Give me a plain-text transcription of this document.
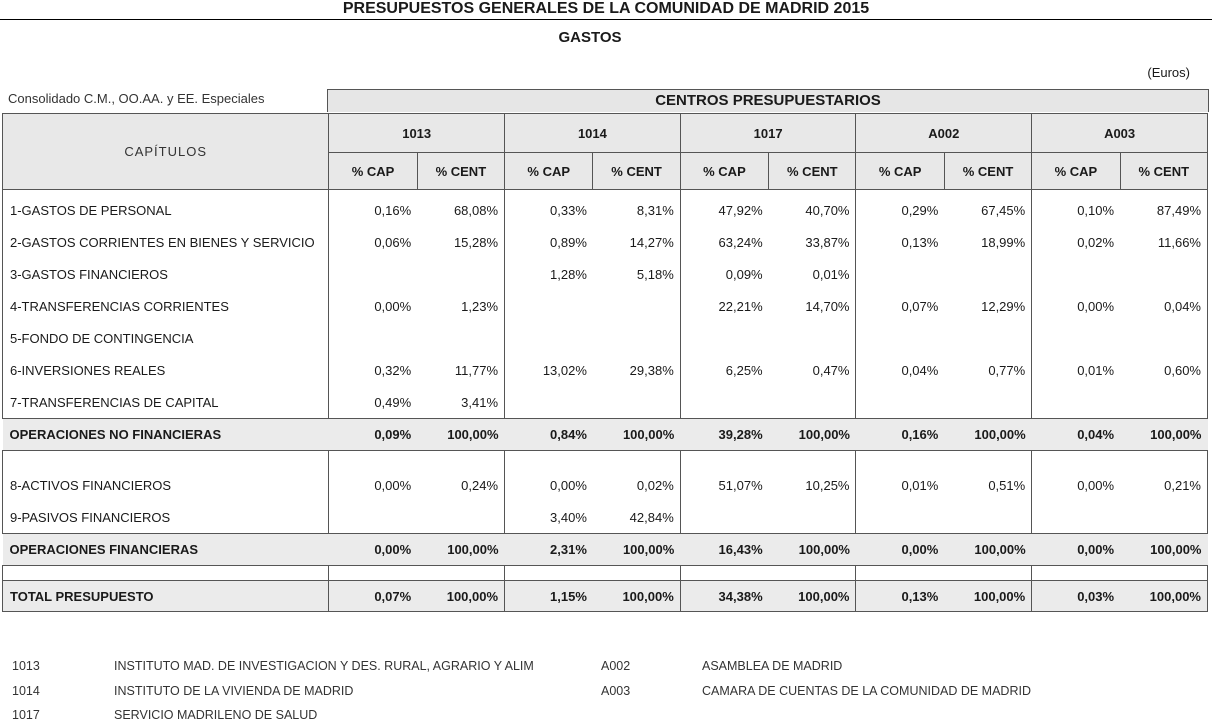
PRESUPUESTOS GENERALES DE LA COMUNIDAD DE MADRID 2015
GASTOS
(Euros)
Consolidado C.M., OO.AA. y EE. Especiales	CENTROS PRESUPUESTARIOS
CAPÍTULOS	1013		1014		1017		A002		A003	
	% CAP	% CENT	% CAP	% CENT	% CAP	% CENT	% CAP	% CENT	% CAP	% CENT
1-GASTOS DE PERSONAL	0,16%	68,08%	0,33%	8,31%	47,92%	40,70%	0,29%	67,45%	0,10%	87,49%
2-GASTOS CORRIENTES EN BIENES Y SERVICIO	0,06%	15,28%	0,89%	14,27%	63,24%	33,87%	0,13%	18,99%	0,02%	11,66%
3-GASTOS FINANCIEROS			1,28%	5,18%	0,09%	0,01%				
4-TRANSFERENCIAS CORRIENTES	0,00%	1,23%			22,21%	14,70%	0,07%	12,29%	0,00%	0,04%
5-FONDO DE CONTINGENCIA										
6-INVERSIONES REALES	0,32%	11,77%	13,02%	29,38%	6,25%	0,47%	0,04%	0,77%	0,01%	0,60%
7-TRANSFERENCIAS DE CAPITAL	0,49%	3,41%								
OPERACIONES NO FINANCIERAS	0,09%	100,00%	0,84%	100,00%	39,28%	100,00%	0,16%	100,00%	0,04%	100,00%

8-ACTIVOS FINANCIEROS	0,00%	0,24%	0,00%	0,02%	51,07%	10,25%	0,01%	0,51%	0,00%	0,21%
9-PASIVOS FINANCIEROS			3,40%	42,84%						
OPERACIONES FINANCIERAS	0,00%	100,00%	2,31%	100,00%	16,43%	100,00%	0,00%	100,00%	0,00%	100,00%

TOTAL PRESUPUESTO	0,07%	100,00%	1,15%	100,00%	34,38%	100,00%	0,13%	100,00%	0,03%	100,00%
1013	INSTITUTO MAD. DE INVESTIGACION Y DES. RURAL, AGRARIO Y ALIM
1014	INSTITUTO DE LA VIVIENDA DE MADRID
1017	SERVICIO MADRILENO DE SALUD
A002	ASAMBLEA DE MADRID
A003	CAMARA DE CUENTAS DE LA COMUNIDAD DE MADRID
